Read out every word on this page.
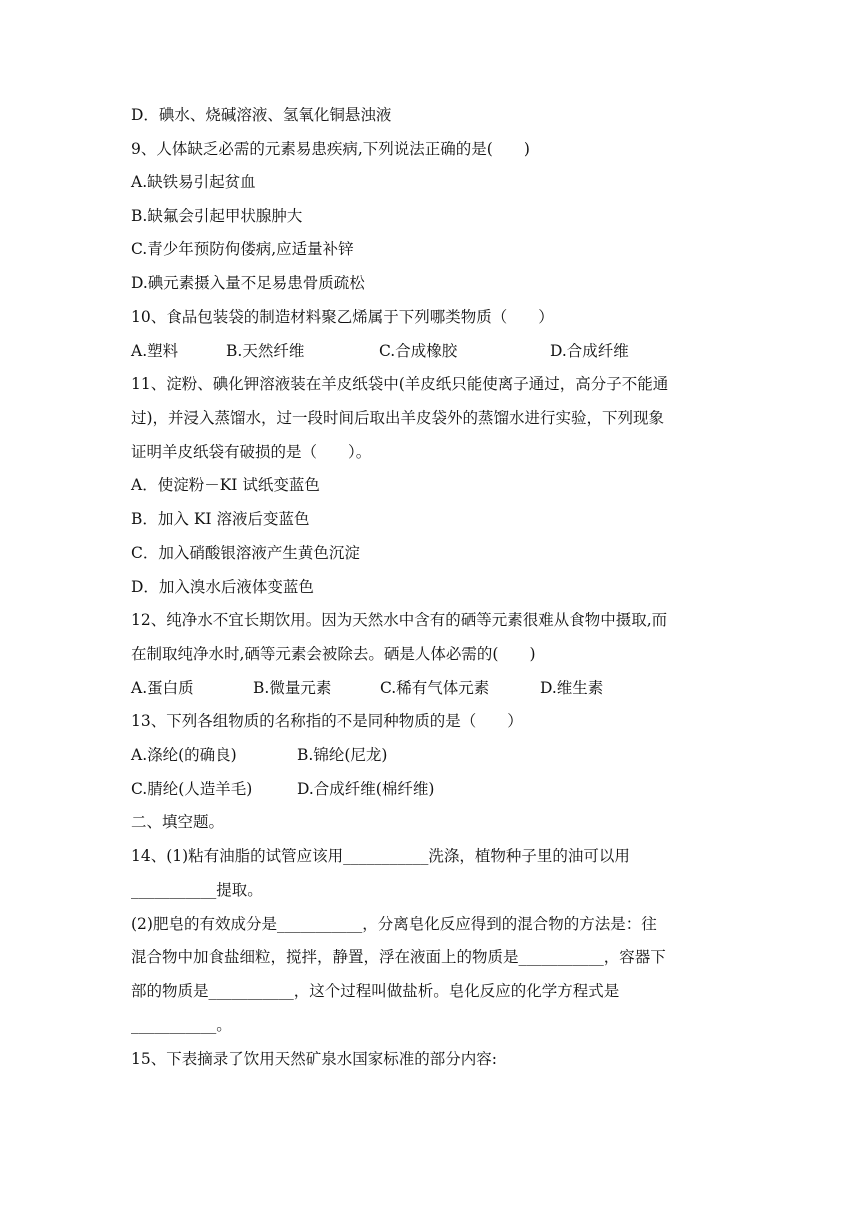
D．碘水、烧碱溶液、氢氧化铜悬浊液
9、人体缺乏必需的元素易患疾病,下列说法正确的是(　　)
A.缺铁易引起贫血
B.缺氟会引起甲状腺肿大
C.青少年预防佝偻病,应适量补锌
D.碘元素摄入量不足易患骨质疏松
10、食品包装袋的制造材料聚乙烯属于下列哪类物质（　　）
A.塑料	B.天然纤维	C.合成橡胶	D.合成纤维
11、淀粉、碘化钾溶液装在羊皮纸袋中(羊皮纸只能使离子通过，高分子不能通
过)，并浸入蒸馏水，过一段时间后取出羊皮袋外的蒸馏水进行实验，下列现象
证明羊皮纸袋有破损的是（　　）。
A．使淀粉－KI 试纸变蓝色
B．加入 KI 溶液后变蓝色
C．加入硝酸银溶液产生黄色沉淀
D．加入溴水后液体变蓝色
12、纯净水不宜长期饮用。因为天然水中含有的硒等元素很难从食物中摄取,而
在制取纯净水时,硒等元素会被除去。硒是人体必需的(　　)
A.蛋白质	B.微量元素	C.稀有气体元素	D.维生素
13、下列各组物质的名称指的不是同种物质的是（　　）
A.涤纶(的确良)	B.锦纶(尼龙)
C.腈纶(人造羊毛)	D.合成纤维(棉纤维)
二、填空题。
14、(1)粘有油脂的试管应该用___________洗涤，植物种子里的油可以用
___________提取。
(2)肥皂的有效成分是___________，分离皂化反应得到的混合物的方法是：往
混合物中加食盐细粒，搅拌，静置，浮在液面上的物质是___________，容器下
部的物质是___________，这个过程叫做盐析。皂化反应的化学方程式是
___________。
15、下表摘录了饮用天然矿泉水国家标准的部分内容:
